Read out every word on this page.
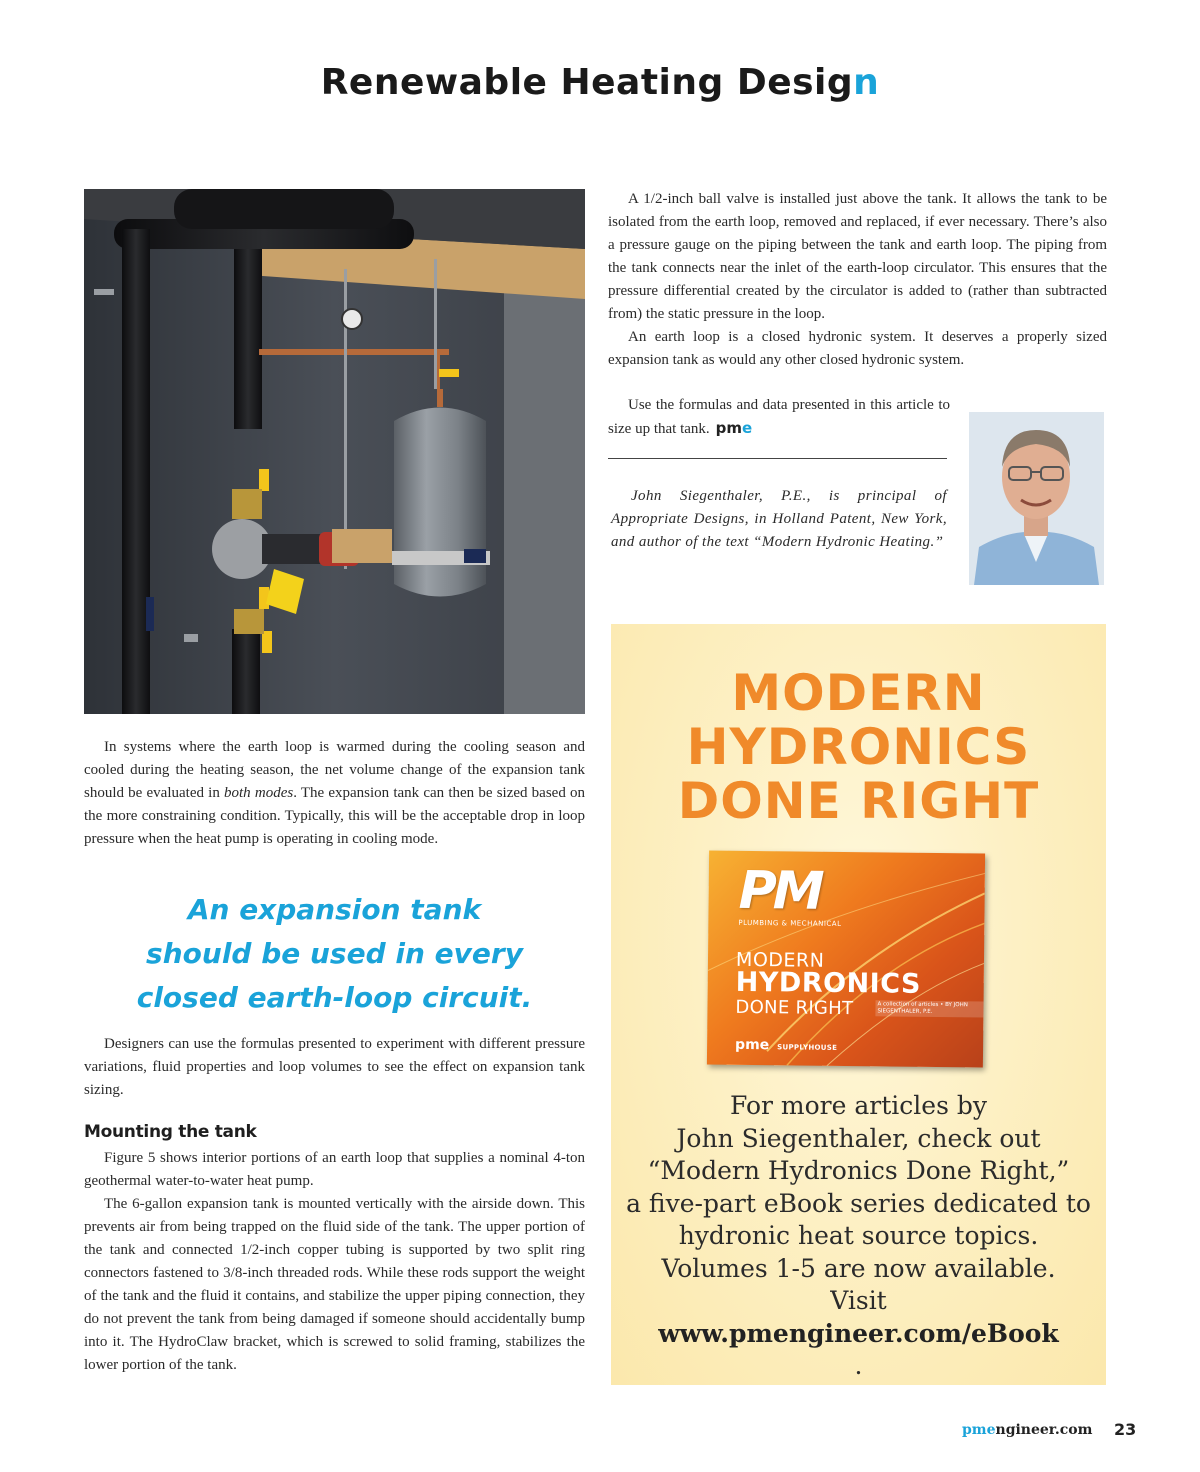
Renewable Heating Design

In systems where the earth loop is warmed during the cooling season and cooled during the heating season, the net volume change of the expansion tank should be evaluated in both modes. The expansion tank can then be sized based on the more constraining condition. Typically, this will be the acceptable drop in loop pressure when the heat pump is operating in cooling mode.

An expansion tank
should be used in every
closed earth-loop circuit.

Designers can use the formulas presented to experiment with different pressure variations, fluid properties and loop volumes to see the effect on expansion tank sizing.

Mounting the tank

Figure 5 shows interior portions of an earth loop that supplies a nominal 4-ton geothermal water-to-water heat pump.

The 6-gallon expansion tank is mounted vertically with the airside down. This prevents air from being trapped on the fluid side of the tank. The upper portion of the tank and connected 1/2-inch copper tubing is supported by two split ring connectors fastened to 3/8-inch threaded rods. While these rods support the weight of the tank and the fluid it contains, and stabilize the upper piping connection, they do not prevent the tank from being damaged if someone should accidentally bump into it. The HydroClaw bracket, which is screwed to solid framing, stabilizes the lower portion of the tank.

A 1/2-inch ball valve is installed just above the tank. It allows the tank to be isolated from the earth loop, removed and replaced, if ever necessary. There’s also a pressure gauge on the piping between the tank and earth loop. The piping from the tank connects near the inlet of the earth-loop circulator. This ensures that the pressure differential created by the circulator is added to (rather than subtracted from) the static pressure in the loop.

An earth loop is a closed hydronic system. It deserves a properly sized expansion tank as would any other closed hydronic system.

Use the formulas and data presented in this article to size up that tank. pme

John Siegenthaler, P.E., is principal of Appropriate Designs, in Holland Patent, New York, and author of the text “Modern Hydronic Heating.”

MODERN
HYDRONICS
DONE RIGHT

PM

PLUMBING & MECHANICAL

MODERN

HYDRONICS

DONE RIGHT	A collection of articles • BY JOHN SIEGENTHALER, P.E.

pme SUPPLYHOUSE

For more articles by
John Siegenthaler, check out
“Modern Hydronics Done Right,”
a five-part eBook series dedicated to
hydronic heat source topics.
Volumes 1-5 are now available.
Visit
www.pmengineer.com/eBook
.

pmengineer.com 23
